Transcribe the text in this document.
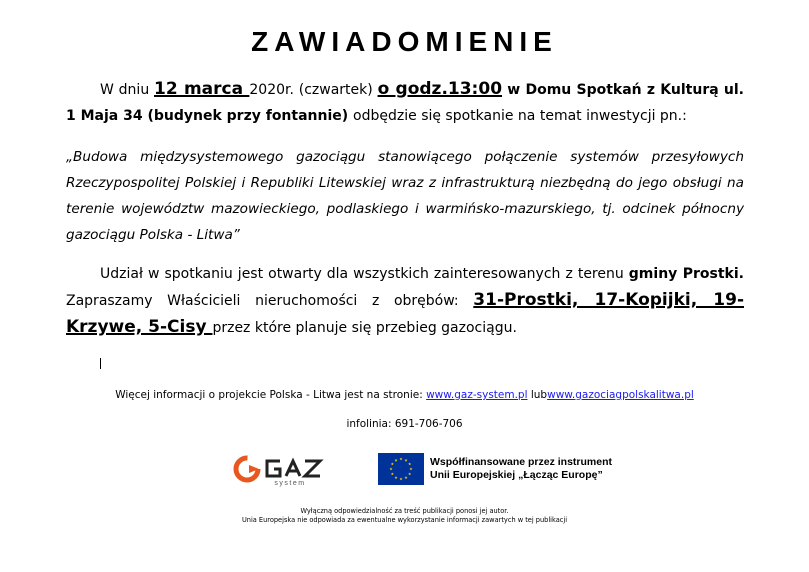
ZAWIADOMIENIE
W dniu 12 marca 2020r. (czwartek) o godz.13:00 w Domu Spotkań z Kulturą ul. 1 Maja 34 (budynek przy fontannie) odbędzie się spotkanie na temat inwestycji pn.:
„Budowa międzysystemowego gazociągu stanowiącego połączenie systemów przesyłowych Rzeczypospolitej Polskiej i Republiki Litewskiej wraz z infrastrukturą niezbędną do jego obsługi na terenie województw mazowieckiego, podlaskiego i warmińsko-mazurskiego, tj. odcinek północny gazociągu Polska - Litwa”
Udział w spotkaniu jest otwarty dla wszystkich zainteresowanych z terenu gminy Prostki. Zapraszamy Właścicieli nieruchomości z obrębów: 31-Prostki, 17-Kopijki, 19-Krzywe, 5-Cisy przez które planuje się przebieg gazociągu.
Więcej informacji o projekcie Polska - Litwa jest na stronie: www.gaz-system.pl lubwww.gazociagpolskalitwa.pl
infolinia: 691-706-706
system
Współfinansowane przez instrument
Unii Europejskiej „Łącząc Europę”
Wyłączną odpowiedzialność za treść publikacji ponosi jej autor.
Unia Europejska nie odpowiada za ewentualne wykorzystanie informacji zawartych w tej publikacji
